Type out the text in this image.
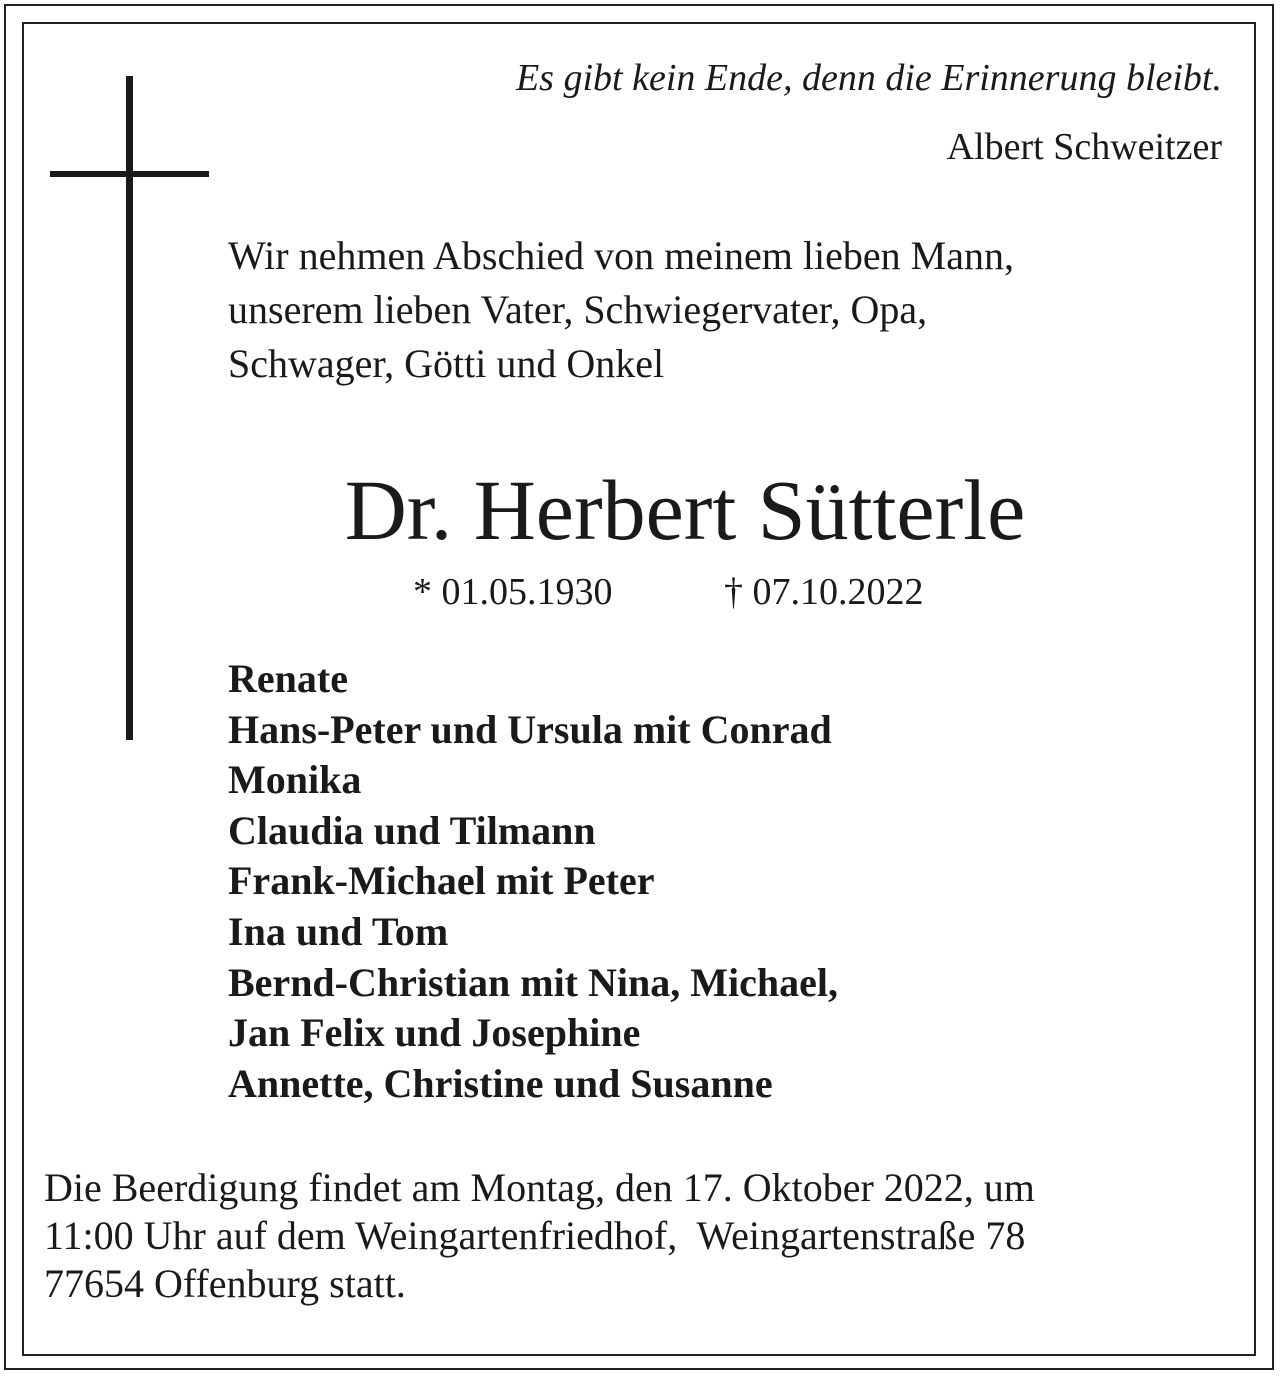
Es gibt kein Ende, denn die Erinnerung bleibt.
Albert Schweitzer
Wir nehmen Abschied von meinem lieben Mann,
unserem lieben Vater, Schwiegervater, Opa,
Schwager, Götti und Onkel
Dr. Herbert Sütterle
* 01.05.1930	† 07.10.2022
Renate
Hans-Peter und Ursula mit Conrad
Monika
Claudia und Tilmann
Frank-Michael mit Peter
Ina und Tom
Bernd-Christian mit Nina, Michael,
Jan Felix und Josephine
Annette, Christine und Susanne
Die Beerdigung findet am Montag, den 17. Oktober 2022, um
11:00 Uhr auf dem Weingartenfriedhof,  Weingartenstraße 78
77654 Offenburg statt.
